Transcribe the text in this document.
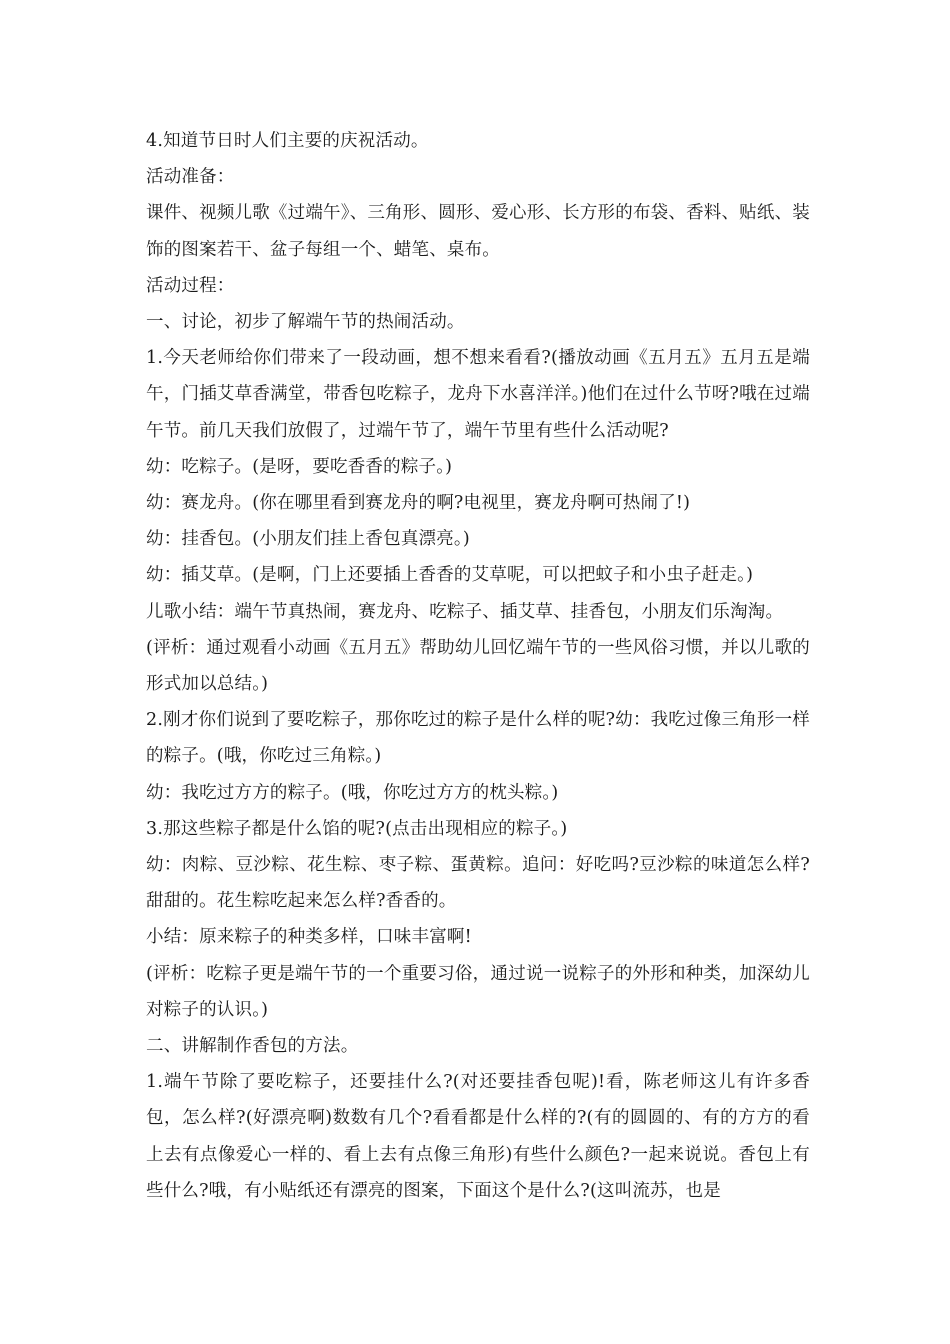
4.知道节日时人们主要的庆祝活动。

活动准备：

课件、视频儿歌《过端午》、三角形、圆形、爱心形、长方形的布袋、香料、贴纸、装饰的图案若干、盆子每组一个、蜡笔、桌布。

活动过程：

一、讨论，初步了解端午节的热闹活动。

1.今天老师给你们带来了一段动画，想不想来看看?(播放动画《五月五》五月五是端午，门插艾草香满堂，带香包吃粽子，龙舟下水喜洋洋。)他们在过什么节呀?哦在过端午节。前几天我们放假了，过端午节了，端午节里有些什么活动呢?

幼：吃粽子。(是呀，要吃香香的粽子。)

幼：赛龙舟。(你在哪里看到赛龙舟的啊?电视里，赛龙舟啊可热闹了!)

幼：挂香包。(小朋友们挂上香包真漂亮。)

幼：插艾草。(是啊，门上还要插上香香的艾草呢，可以把蚊子和小虫子赶走。)

儿歌小结：端午节真热闹，赛龙舟、吃粽子、插艾草、挂香包，小朋友们乐淘淘。

(评析：通过观看小动画《五月五》帮助幼儿回忆端午节的一些风俗习惯，并以儿歌的形式加以总结。)

2.刚才你们说到了要吃粽子，那你吃过的粽子是什么样的呢?幼：我吃过像三角形一样的粽子。(哦，你吃过三角粽。)

幼：我吃过方方的粽子。(哦，你吃过方方的枕头粽。)

3.那这些粽子都是什么馅的呢?(点击出现相应的粽子。)

幼：肉粽、豆沙粽、花生粽、枣子粽、蛋黄粽。追问：好吃吗?豆沙粽的味道怎么样?甜甜的。花生粽吃起来怎么样?香香的。

小结：原来粽子的种类多样，口味丰富啊!

(评析：吃粽子更是端午节的一个重要习俗，通过说一说粽子的外形和种类，加深幼儿对粽子的认识。)

二、讲解制作香包的方法。

1.端午节除了要吃粽子，还要挂什么?(对还要挂香包呢)!看，陈老师这儿有许多香包，怎么样?(好漂亮啊)数数有几个?看看都是什么样的?(有的圆圆的、有的方方的看上去有点像爱心一样的、看上去有点像三角形)有些什么颜色?一起来说说。香包上有些什么?哦，有小贴纸还有漂亮的图案，下面这个是什么?(这叫流苏，也是
